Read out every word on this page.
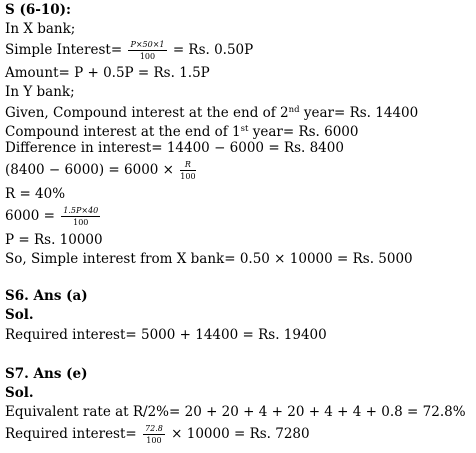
S (6-10):
In X bank;
Simple Interest= $\frac{P\times 50\times 1}{100} = Rs$. 0.50P
Amount= P + 0.5P = Rs. 1.5P
In Y bank;
Given, Compound interest at the end of 2nd year= Rs. 14400
Compound interest at the end of 1st year= Rs. 6000
Difference in interest= 14400 − 6000 = Rs. 8400
$(8400 - 6000) = 6000 \times \frac{R}{100}$
R = 40%
$6000 = \frac{1.5P\times 40}{100}$
P = Rs. 10000
So, Simple interest from X bank= 0.50 × 10000 = Rs. 5000
S6. Ans (a)
Sol.
Required interest= 5000 + 14400 = Rs. 19400
S7. Ans (e)
Sol.
Equivalent rate at R/2%= 20 + 20 + 4 + 20 + 4 + 4 + 0.8 = 72.8%
Required interest= $\frac{72.8}{100} \times 10000 = Rs$. 7280
